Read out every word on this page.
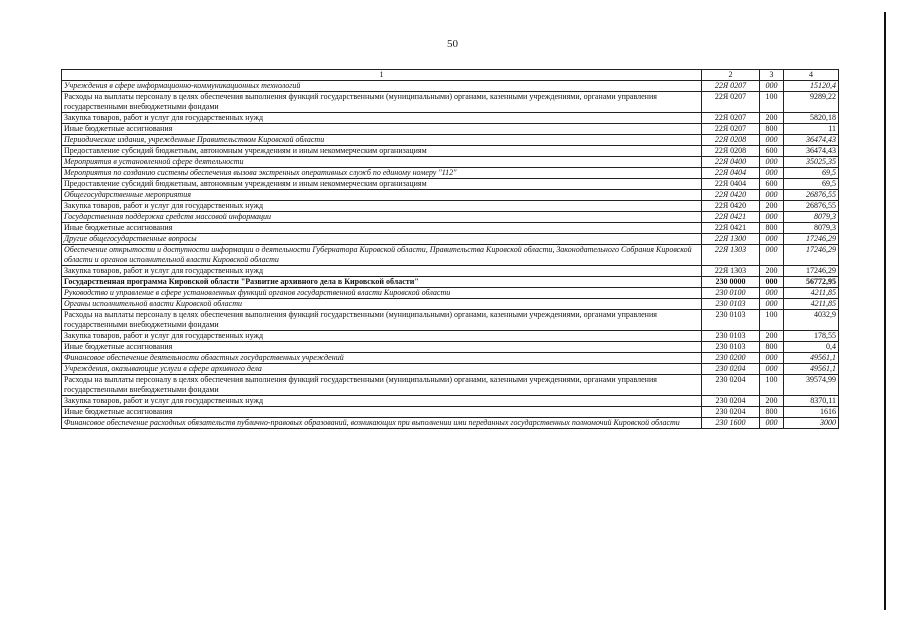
50
1	2	3	4
Учреждения в сфере информационно-коммуникационных технологий	22Я 0207	000	15120,4
Расходы на выплаты персоналу в целях обеспечения выполнения функций государственными (муниципальными) органами, казенными учреждениями, органами управления государственными внебюджетными фондами	22Я 0207	100	9289,22
Закупка товаров, работ и услуг для государственных нужд	22Я 0207	200	5820,18
Иные бюджетные ассигнования	22Я 0207	800	11
Периодические издания, учрежденные Правительством Кировской области	22Я 0208	000	36474,43
Предоставление субсидий бюджетным, автономным учреждениям и иным некоммерческим организациям	22Я 0208	600	36474,43
Мероприятия в установленной сфере деятельности	22Я 0400	000	35025,35
Мероприятия по созданию системы обеспечения вызова экстренных оперативных служб по единому номеру "112"	22Я 0404	000	69,5
Предоставление субсидий бюджетным, автономным учреждениям и иным некоммерческим организациям	22Я 0404	600	69,5
Общегосударственные мероприятия	22Я 0420	000	26876,55
Закупка товаров, работ и услуг для государственных нужд	22Я 0420	200	26876,55
Государственная поддержка средств массовой информации	22Я 0421	000	8079,3
Иные бюджетные ассигнования	22Я 0421	800	8079,3
Другие общегосударственные вопросы	22Я 1300	000	17246,29
Обеспечение открытости и доступности информации о деятельности Губернатора Кировской области, Правительства Кировской области, Законодательного Собрания Кировской области и органов исполнительной власти Кировской области	22Я 1303	000	17246,29
Закупка товаров, работ и услуг для государственных нужд	22Я 1303	200	17246,29
Государственная программа Кировской области "Развитие архивного дела в Кировской области"	230 0000	000	56772,95
Руководство и управление в сфере установленных функций органов государственной власти Кировской области	230 0100	000	4211,85
Органы исполнительной власти Кировской области	230 0103	000	4211,85
Расходы на выплаты персоналу в целях обеспечения выполнения функций государственными (муниципальными) органами, казенными учреждениями, органами управления государственными внебюджетными фондами	230 0103	100	4032,9
Закупка товаров, работ и услуг для государственных нужд	230 0103	200	178,55
Иные бюджетные ассигнования	230 0103	800	0,4
Финансовое обеспечение деятельности областных государственных учреждений	230 0200	000	49561,1
Учреждения, оказывающие услуги в сфере архивного дела	230 0204	000	49561,1
Расходы на выплаты персоналу в целях обеспечения выполнения функций государственными (муниципальными) органами, казенными учреждениями, органами управления государственными внебюджетными фондами	230 0204	100	39574,99
Закупка товаров, работ и услуг для государственных нужд	230 0204	200	8370,11
Иные бюджетные ассигнования	230 0204	800	1616
Финансовое обеспечение расходных обязательств публично-правовых образований, возникающих при выполнении ими переданных государственных полномочий Кировской области	230 1600	000	3000
